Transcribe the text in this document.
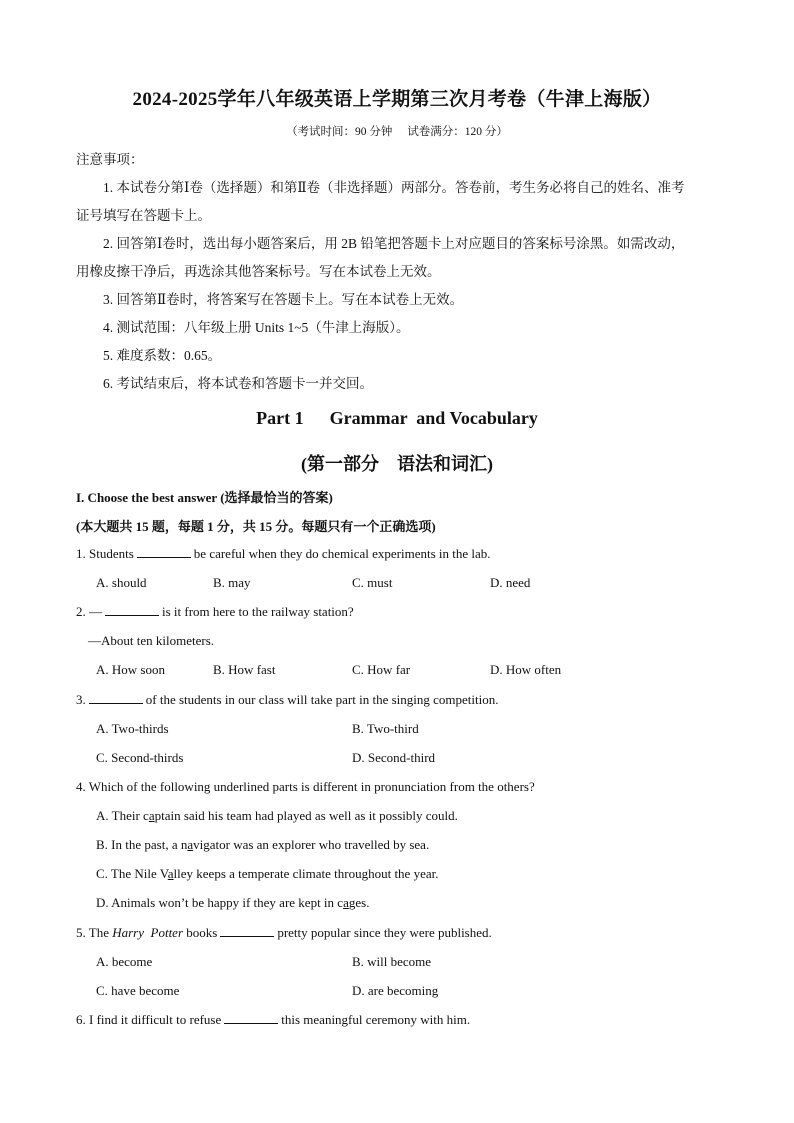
2024-2025学年八年级英语上学期第三次月考卷（牛津上海版）
（考试时间：90 分钟 试卷满分：120 分）
注意事项：
1. 本试卷分第Ⅰ卷（选择题）和第Ⅱ卷（非选择题）两部分。答卷前，考生务必将自己的姓名、准考
证号填写在答题卡上。
2. 回答第Ⅰ卷时，选出每小题答案后，用 2B 铅笔把答题卡上对应题目的答案标号涂黑。如需改动，
用橡皮擦干净后，再选涂其他答案标号。写在本试卷上无效。
3. 回答第Ⅱ卷时，将答案写在答题卡上。写在本试卷上无效。
4. 测试范围：八年级上册 Units 1~5（牛津上海版）。
5. 难度系数：0.65。
6. 考试结束后，将本试卷和答题卡一并交回。
Part 1 Grammar  and Vocabulary
(第一部分 语法和词汇)
I. Choose the best answer (选择最恰当的答案)
(本大题共 15 题，每题 1 分，共 15 分。每题只有一个正确选项)
1. Students	be careful when they do chemical experiments in the lab.
A. should	B. may	C. must	D. need
2. —	is it from here to the railway station?
—About ten kilometers.
A. How soon	B. How fast	C. How far	D. How often
3.	of the students in our class will take part in the singing competition.
A. Two-thirds	B. Two-third
C. Second-thirds	D. Second-third
4. Which of the following underlined parts is different in pronunciation from the others?
A. Their captain said his team had played as well as it possibly could.
B. In the past, a navigator was an explorer who travelled by sea.
C. The Nile Valley keeps a temperate climate throughout the year.
D. Animals won’t be happy if they are kept in cages.
5. The Harry  Potter books	pretty popular since they were published.
A. become	B. will become
C. have become	D. are becoming
6. I find it difficult to refuse	this meaningful ceremony with him.
